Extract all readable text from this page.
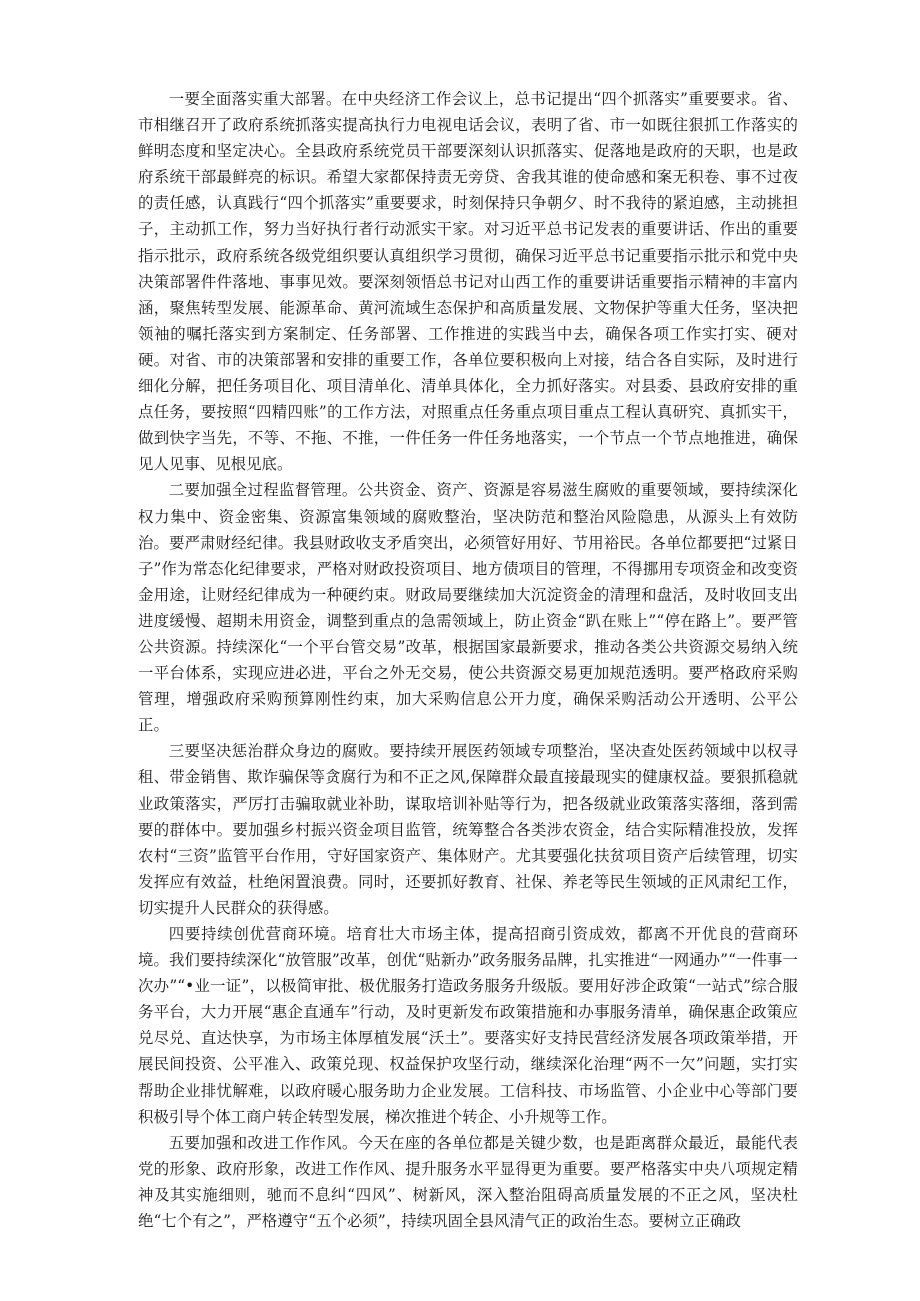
一要全面落实重大部署。在中央经济工作会议上，总书记提出“四个抓落实”重要要求。省、市相继召开了政府系统抓落实提高执行力电视电话会议，表明了省、市一如既往狠抓工作落实的鲜明态度和坚定决心。全县政府系统党员干部要深刻认识抓落实、促落地是政府的天职，也是政府系统干部最鲜亮的标识。希望大家都保持责无旁贷、舍我其谁的使命感和案无积卷、事不过夜的责任感，认真践行“四个抓落实”重要要求，时刻保持只争朝夕、时不我待的紧迫感，主动挑担子，主动抓工作，努力当好执行者行动派实干家。对习近平总书记发表的重要讲话、作出的重要指示批示，政府系统各级党组织要认真组织学习贯彻，确保习近平总书记重要指示批示和党中央决策部署件件落地、事事见效。要深刻领悟总书记对山西工作的重要讲话重要指示精神的丰富内涵，聚焦转型发展、能源革命、黄河流域生态保护和高质量发展、文物保护等重大任务，坚决把领袖的嘱托落实到方案制定、任务部署、工作推进的实践当中去，确保各项工作实打实、硬对硬。对省、市的决策部署和安排的重要工作，各单位要积极向上对接，结合各自实际，及时进行细化分解，把任务项目化、项目清单化、清单具体化，全力抓好落实。对县委、县政府安排的重点任务，要按照“四精四账”的工作方法，对照重点任务重点项目重点工程认真研究、真抓实干，做到快字当先，不等、不拖、不推，一件任务一件任务地落实，一个节点一个节点地推进，确保见人见事、见根见底。

二要加强全过程监督管理。公共资金、资产、资源是容易滋生腐败的重要领域，要持续深化权力集中、资金密集、资源富集领域的腐败整治，坚决防范和整治风险隐患，从源头上有效防治。要严肃财经纪律。我县财政收支矛盾突出，必须管好用好、节用裕民。各单位都要把“过紧日子”作为常态化纪律要求，严格对财政投资项目、地方债项目的管理，不得挪用专项资金和改变资金用途，让财经纪律成为一种硬约束。财政局要继续加大沉淀资金的清理和盘活，及时收回支出进度缓慢、超期未用资金，调整到重点的急需领域上，防止资金“趴在账上”“停在路上”。要严管公共资源。持续深化“一个平台管交易”改革，根据国家最新要求，推动各类公共资源交易纳入统一平台体系，实现应进必进，平台之外无交易，使公共资源交易更加规范透明。要严格政府采购管理，增强政府采购预算刚性约束，加大采购信息公开力度，确保采购活动公开透明、公平公正。

三要坚决惩治群众身边的腐败。要持续开展医药领域专项整治，坚决查处医药领域中以权寻租、带金销售、欺诈骗保等贪腐行为和不正之风,保障群众最直接最现实的健康权益。要狠抓稳就业政策落实，严厉打击骗取就业补助，谋取培训补贴等行为，把各级就业政策落实落细，落到需要的群体中。要加强乡村振兴资金项目监管，统筹整合各类涉农资金，结合实际精准投放，发挥农村“三资”监管平台作用，守好国家资产、集体财产。尤其要强化扶贫项目资产后续管理，切实发挥应有效益，杜绝闲置浪费。同时，还要抓好教育、社保、养老等民生领域的正风肃纪工作，切实提升人民群众的获得感。

四要持续创优营商环境。培育壮大市场主体，提高招商引资成效，都离不开优良的营商环境。我们要持续深化“放管服”改革，创优“贴新办”政务服务品牌，扎实推进“一网通办”“一件事一次办”“•业一证”，以极简审批、极优服务打造政务服务升级版。要用好涉企政策“一站式”综合服务平台，大力开展“惠企直通车”行动，及时更新发布政策措施和办事服务清单，确保惠企政策应兑尽兑、直达快享，为市场主体厚植发展“沃土”。要落实好支持民营经济发展各项政策举措，开展民间投资、公平准入、政策兑现、权益保护攻坚行动，继续深化治理“两不一欠”问题，实打实帮助企业排忧解难，以政府暖心服务助力企业发展。工信科技、市场监管、小企业中心等部门要积极引导个体工商户转企转型发展，梯次推进个转企、小升规等工作。

五要加强和改进工作作风。今天在座的各单位都是关键少数，也是距离群众最近，最能代表党的形象、政府形象，改进工作作风、提升服务水平显得更为重要。要严格落实中央八项规定精神及其实施细则，驰而不息纠“四风”、树新风，深入整治阻碍高质量发展的不正之风，坚决杜绝“七个有之”，严格遵守“五个必须”，持续巩固全县风清气正的政治生态。要树立正确政
